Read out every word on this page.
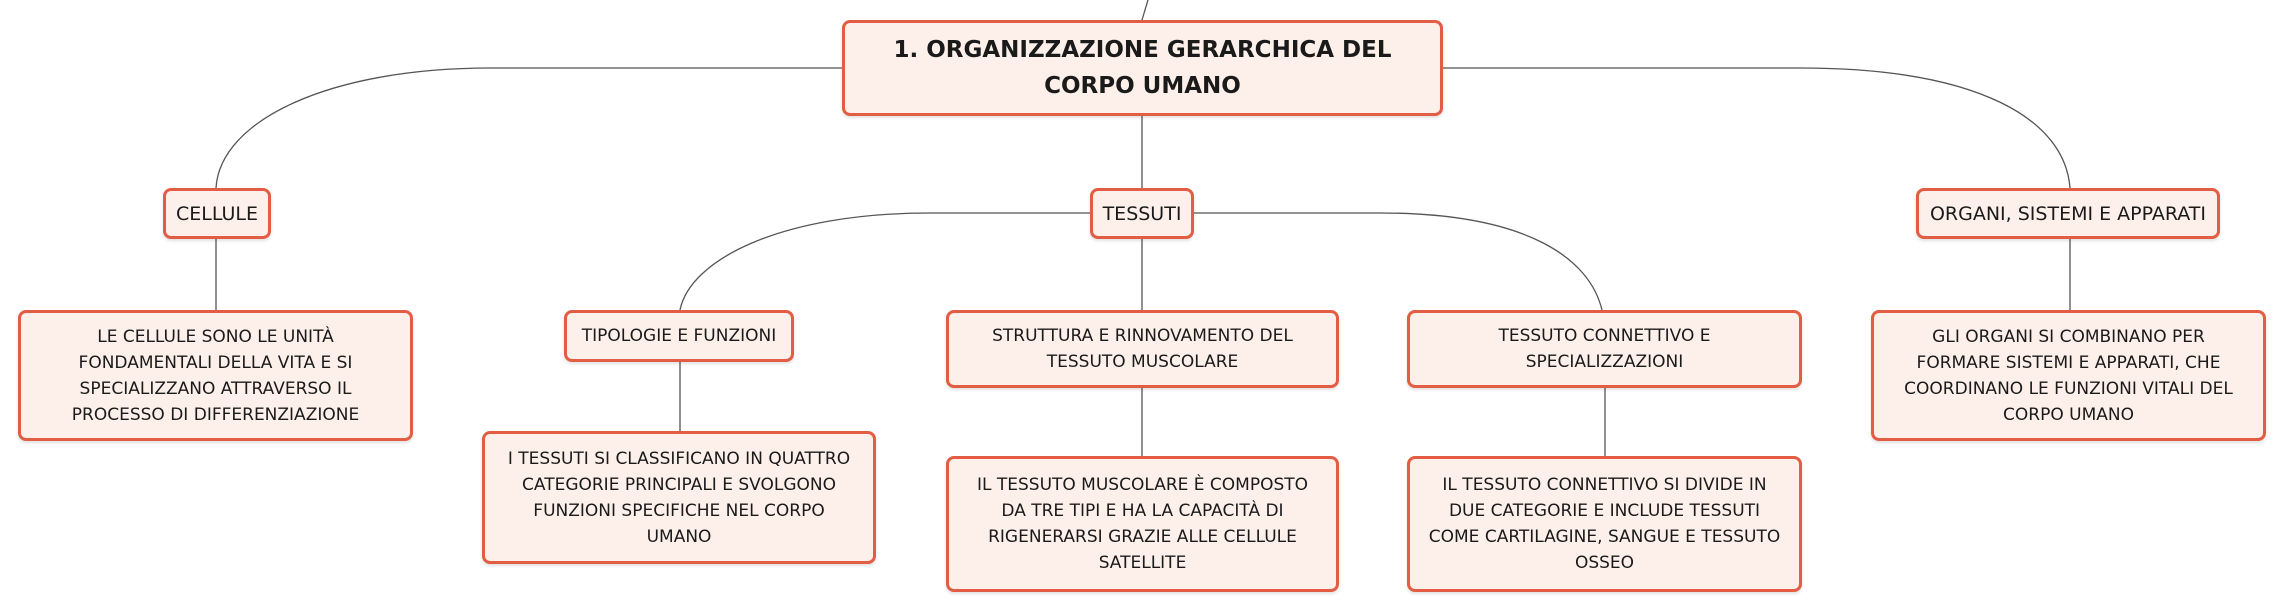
1. ORGANIZZAZIONE GERARCHICA DEL CORPO UMANO
CELLULE	TESSUTI	ORGANI, SISTEMI E APPARATI
LE CELLULE SONO LE UNITÀ FONDAMENTALI DELLA VITA E SI SPECIALIZZANO ATTRAVERSO IL PROCESSO DI DIFFERENZIAZIONE
TIPOLOGIE E FUNZIONI	STRUTTURA E RINNOVAMENTO DEL TESSUTO MUSCOLARE
TESSUTO CONNETTIVO E SPECIALIZZAZIONI
GLI ORGANI SI COMBINANO PER FORMARE SISTEMI E APPARATI, CHE COORDINANO LE FUNZIONI VITALI DEL CORPO UMANO
I TESSUTI SI CLASSIFICANO IN QUATTRO CATEGORIE PRINCIPALI E SVOLGONO FUNZIONI SPECIFICHE NEL CORPO UMANO
IL TESSUTO MUSCOLARE È COMPOSTO DA TRE TIPI E HA LA CAPACITÀ DI RIGENERARSI GRAZIE ALLE CELLULE SATELLITE
IL TESSUTO CONNETTIVO SI DIVIDE IN DUE CATEGORIE E INCLUDE TESSUTI COME CARTILAGINE, SANGUE E TESSUTO OSSEO
